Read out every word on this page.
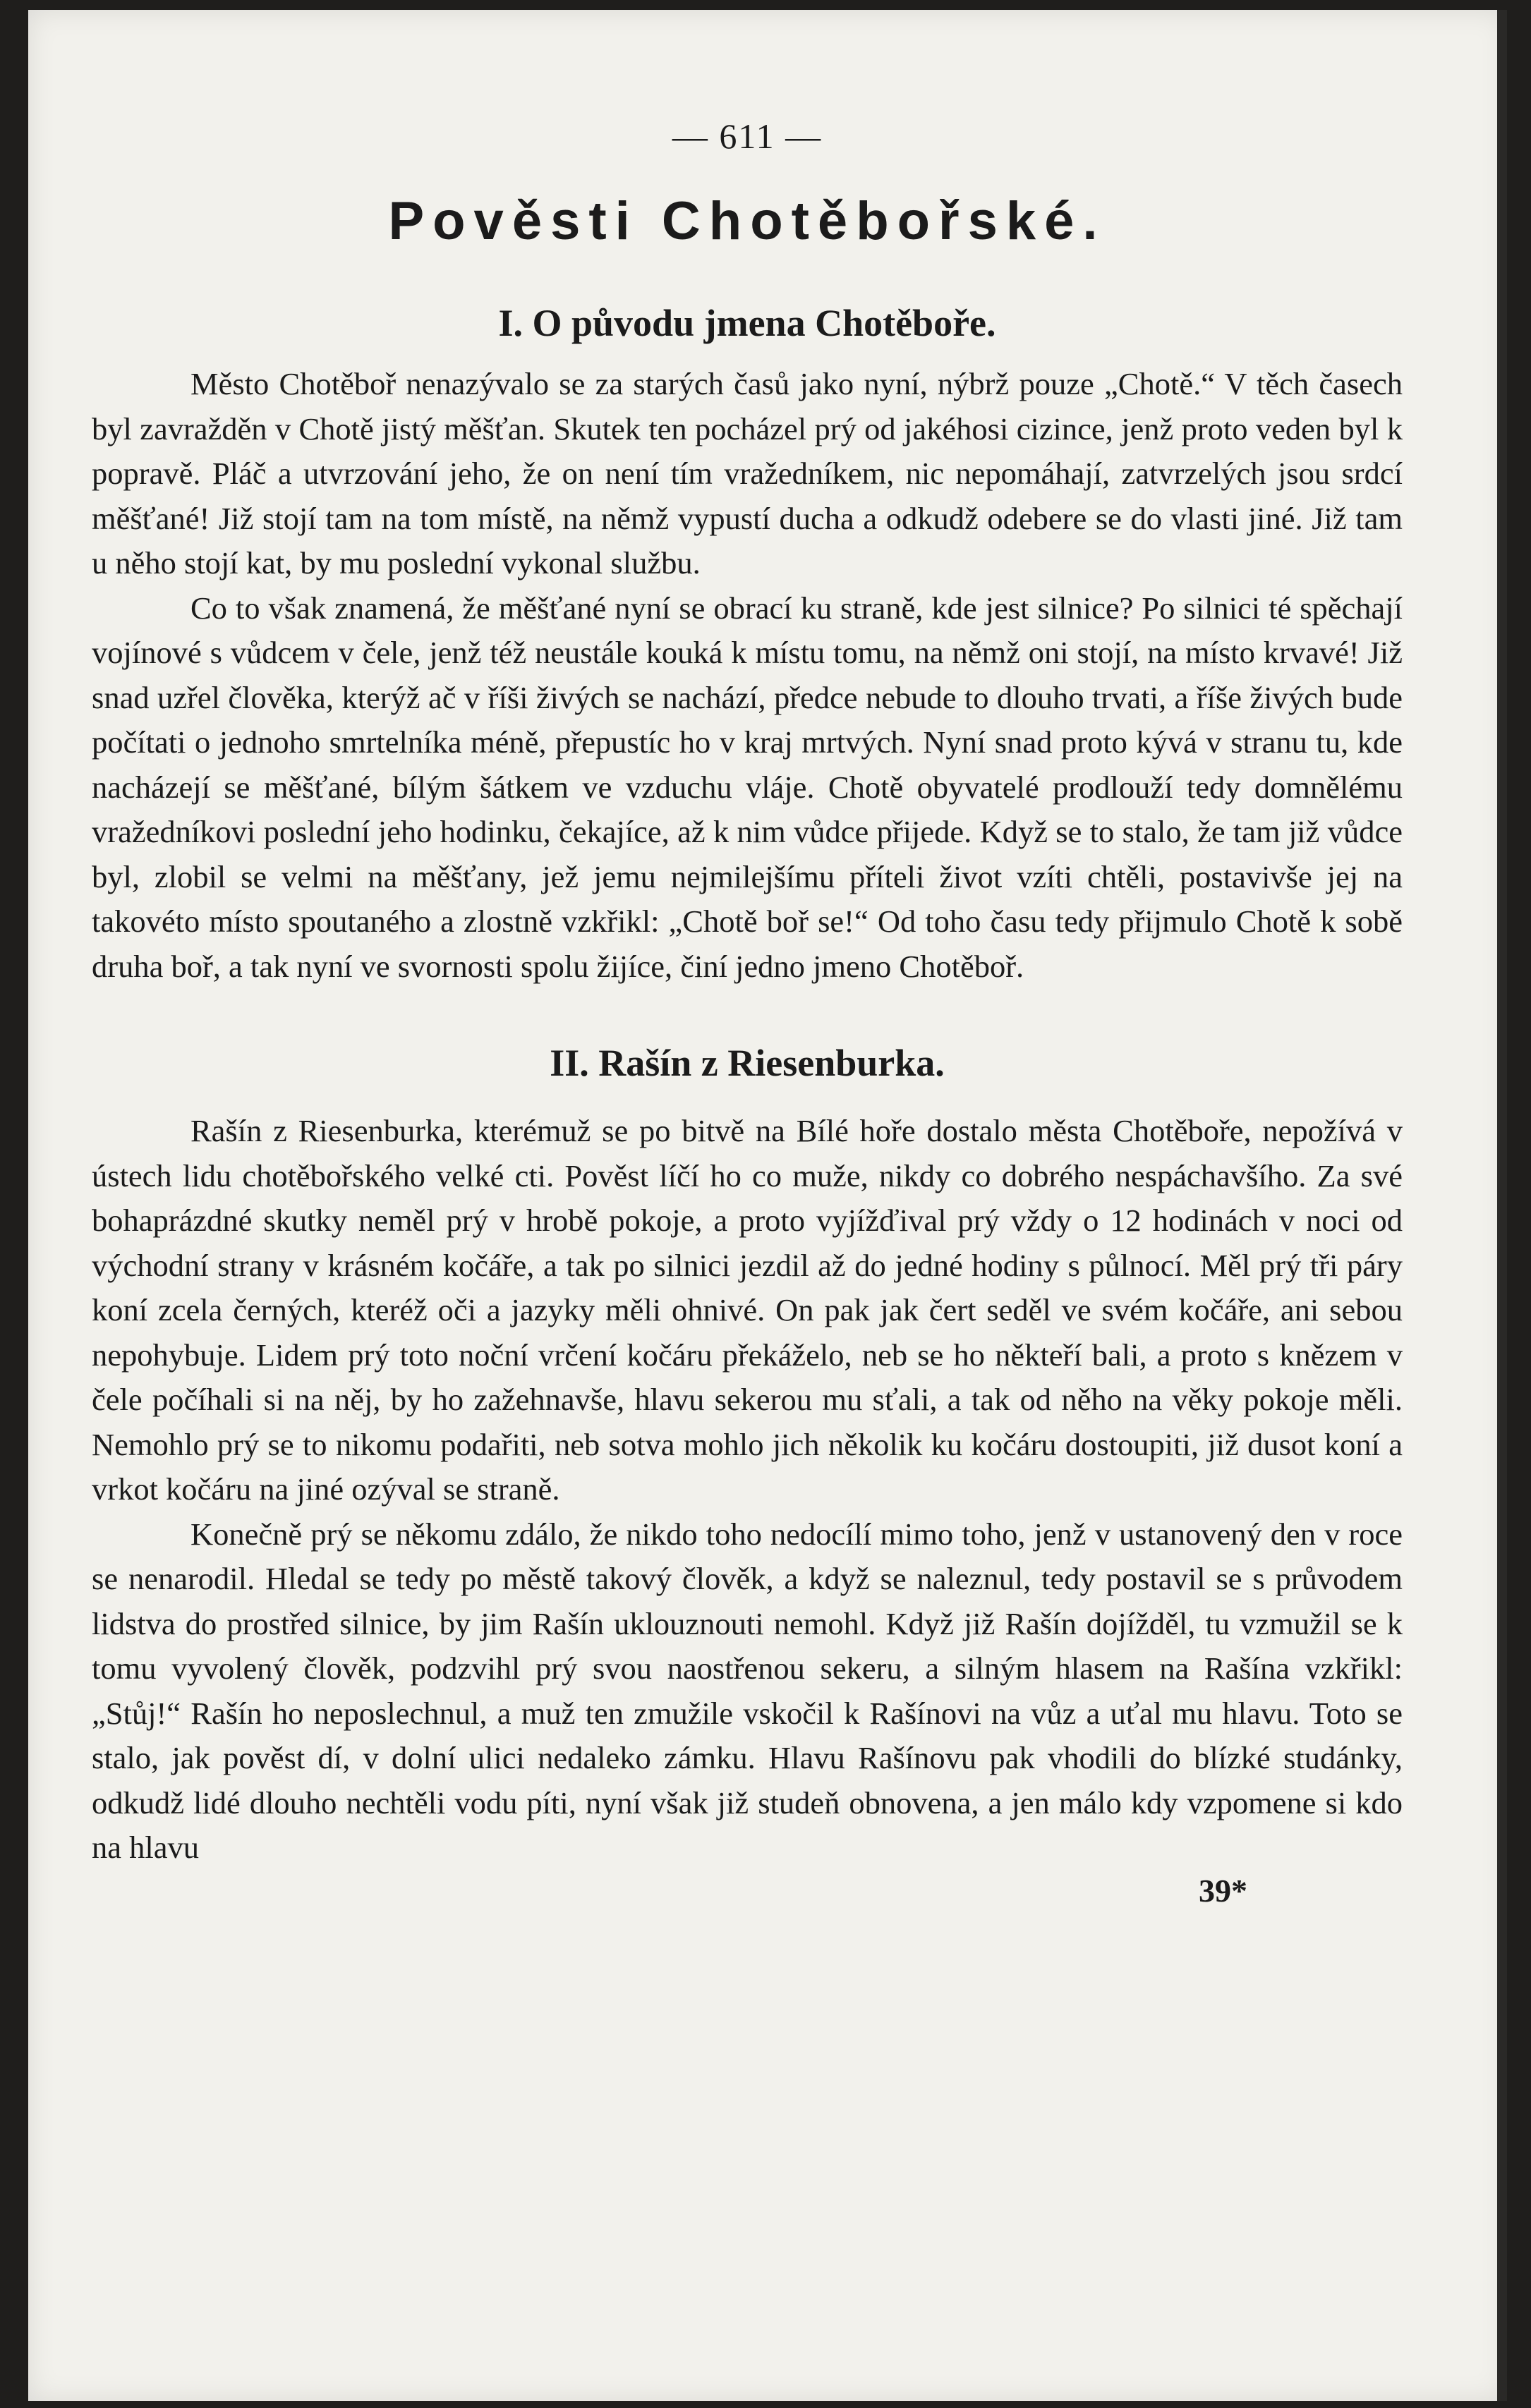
— 611 —
Pověsti Chotěbořské.
I. O původu jmena Chotěboře.

Město Chotěboř nenazývalo se za starých časů jako nyní, nýbrž pouze „Chotě.“ V těch časech byl zavražděn v Chotě jistý měšťan. Skutek ten pocházel prý od jakéhosi cizince, jenž proto veden byl k popravě. Pláč a utvrzování jeho, že on není tím vražedníkem, nic nepomáhají, zatvrzelých jsou srdcí měšťané! Již stojí tam na tom místě, na němž vypustí ducha a odkudž odebere se do vlasti jiné. Již tam u něho stojí kat, by mu poslední vykonal službu.

Co to však znamená, že měšťané nyní se obrací ku straně, kde jest silnice? Po silnici té spěchají vojínové s vůdcem v čele, jenž též neustále kouká k místu tomu, na němž oni stojí, na místo krvavé! Již snad uzřel člověka, kterýž ač v říši živých se nachází, předce nebude to dlouho trvati, a říše živých bude počítati o jednoho smrtelníka méně, přepustíc ho v kraj mrtvých. Nyní snad proto kývá v stranu tu, kde nacházejí se měšťané, bílým šátkem ve vzduchu vláje. Chotě obyvatelé prodlouží tedy domnělému vražedníkovi poslední jeho hodinku, čekajíce, až k nim vůdce přijede. Když se to stalo, že tam již vůdce byl, zlobil se velmi na měšťany, jež jemu nejmilejšímu příteli život vzíti chtěli, postavivše jej na takovéto místo spoutaného a zlostně vzkřikl: „Chotě boř se!“ Od toho času tedy přijmulo Chotě k sobě druha boř, a tak nyní ve svornosti spolu žijíce, činí jedno jmeno Chotěboř.

II. Rašín z Riesenburka.

Rašín z Riesenburka, kterémuž se po bitvě na Bílé hoře dostalo města Chotěboře, nepožívá v ústech lidu chotěbořského velké cti. Pověst líčí ho co muže, nikdy co dobrého nespáchavšího. Za své bohaprázdné skutky neměl prý v hrobě pokoje, a proto vyjížďival prý vždy o 12 hodinách v noci od východní strany v krásném kočáře, a tak po silnici jezdil až do jedné hodiny s půlnocí. Měl prý tři páry koní zcela černých, kteréž oči a jazyky měli ohnivé. On pak jak čert seděl ve svém kočáře, ani sebou nepohybuje. Lidem prý toto noční vrčení kočáru překáželo, neb se ho někteří bali, a proto s knězem v čele počíhali si na něj, by ho zažehnavše, hlavu sekerou mu sťali, a tak od něho na věky pokoje měli. Nemohlo prý se to nikomu podařiti, neb sotva mohlo jich několik ku kočáru dostoupiti, již dusot koní a vrkot kočáru na jiné ozýval se straně.

Konečně prý se někomu zdálo, že nikdo toho nedocílí mimo toho, jenž v ustanovený den v roce se nenarodil. Hledal se tedy po městě takový člověk, a když se naleznul, tedy postavil se s průvodem lidstva do prostřed silnice, by jim Rašín uklouznouti nemohl. Když již Rašín dojížděl, tu vzmužil se k tomu vyvolený člověk, podzvihl prý svou naostřenou sekeru, a silným hlasem na Rašína vzkřikl: „Stůj!“ Rašín ho neposlechnul, a muž ten zmužile vskočil k Rašínovi na vůz a uťal mu hlavu. Toto se stalo, jak pověst dí, v dolní ulici nedaleko zámku. Hlavu Rašínovu pak vhodili do blízké studánky, odkudž lidé dlouho nechtěli vodu píti, nyní však již studeň obnovena, a jen málo kdy vzpomene si kdo na hlavu

39*
